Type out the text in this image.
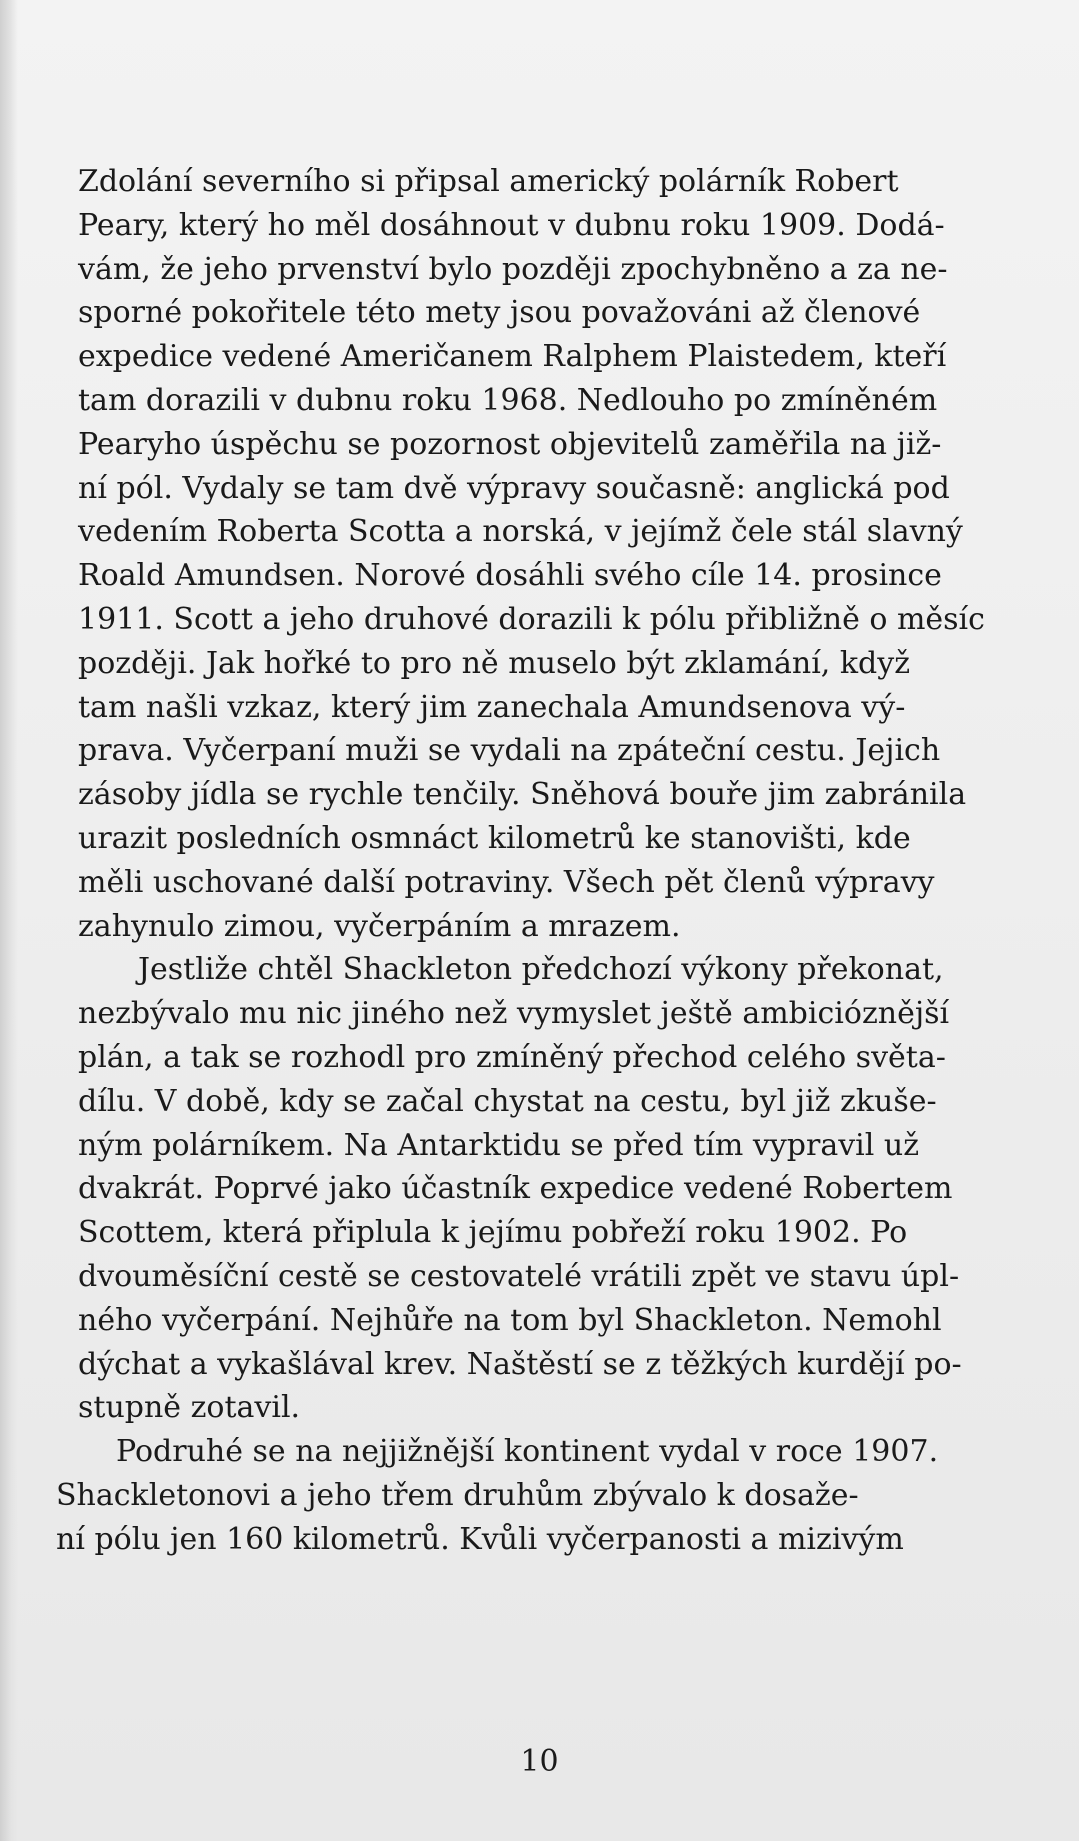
Zdolání severního si připsal americký polárník Robert
Peary, který ho měl dosáhnout v dubnu roku 1909. Dodá-
vám, že jeho prvenství bylo později zpochybněno a za ne-
sporné pokořitele této mety jsou považováni až členové
expedice vedené Američanem Ralphem Plaistedem, kteří
tam dorazili v dubnu roku 1968. Nedlouho po zmíněném
Pearyho úspěchu se pozornost objevitelů zaměřila na již-
ní pól. Vydaly se tam dvě výpravy současně: anglická pod
vedením Roberta Scotta a norská, v jejímž čele stál slavný
Roald Amundsen. Norové dosáhli svého cíle 14. prosince
1911. Scott a jeho druhové dorazili k pólu přibližně o měsíc
později. Jak hořké to pro ně muselo být zklamání, když
tam našli vzkaz, který jim zanechala Amundsenova vý-
prava. Vyčerpaní muži se vydali na zpáteční cestu. Jejich
zásoby jídla se rychle tenčily. Sněhová bouře jim zabránila
urazit posledních osmnáct kilometrů ke stanovišti, kde
měli uschované další potraviny. Všech pět členů výpravy
zahynulo zimou, vyčerpáním a mrazem.
Jestliže chtěl Shackleton předchozí výkony překonat,
nezbývalo mu nic jiného než vymyslet ještě ambicióznější
plán, a tak se rozhodl pro zmíněný přechod celého světa-
dílu. V době, kdy se začal chystat na cestu, byl již zkuše-
ným polárníkem. Na Antarktidu se před tím vypravil už
dvakrát. Poprvé jako účastník expedice vedené Robertem
Scottem, která připlula k jejímu pobřeží roku 1902. Po
dvouměsíční cestě se cestovatelé vrátili zpět ve stavu úpl-
ného vyčerpání. Nejhůře na tom byl Shackleton. Nemohl
dýchat a vykašlával krev. Naštěstí se z těžkých kurdějí po-
stupně zotavil.
Podruhé se na nejjižnější kontinent vydal v roce 1907.
Shackletonovi a jeho třem druhům zbývalo k dosaže-
ní pólu jen 160 kilometrů. Kvůli vyčerpanosti a mizivým
10
